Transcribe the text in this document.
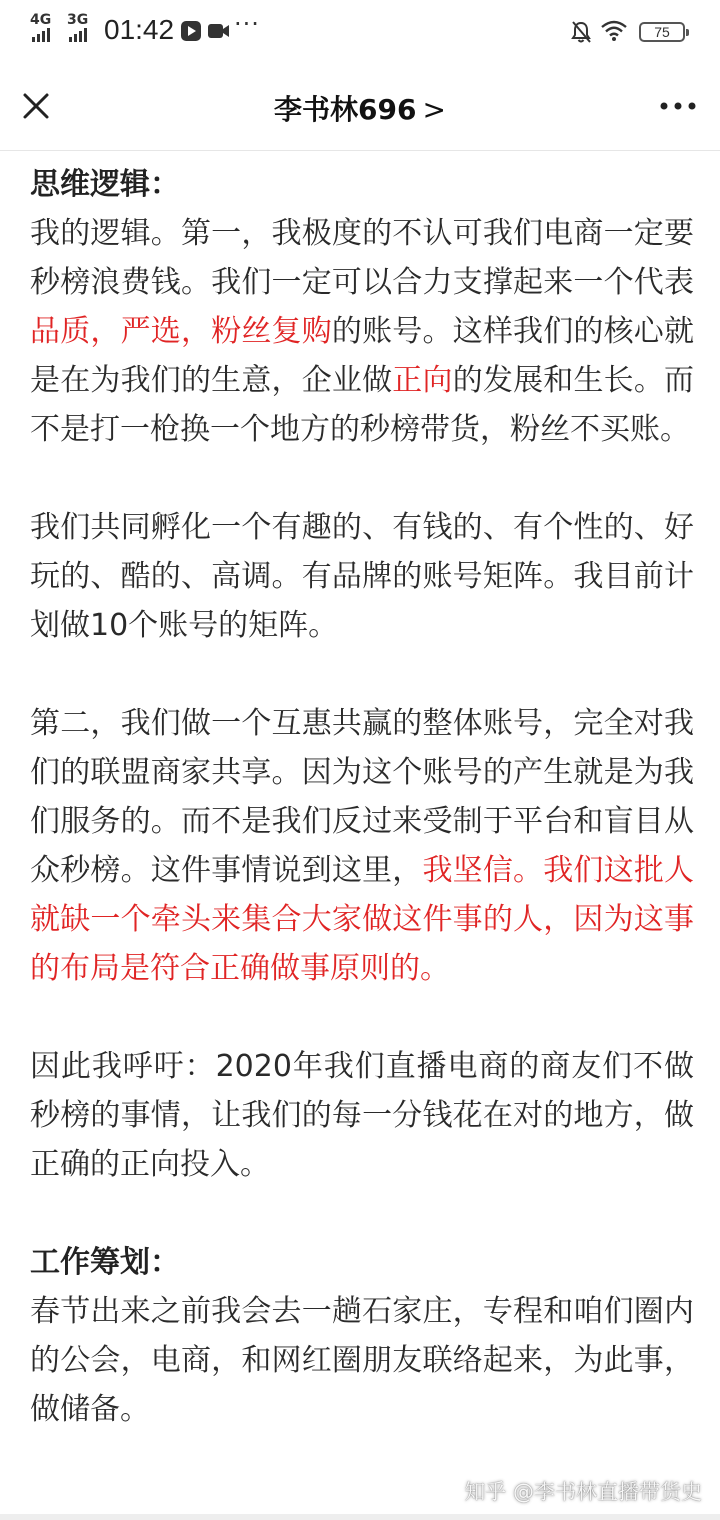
4G 3G 01:42 ···	75
李书林696 >

思维逻辑：

我的逻辑。第一，我极度的不认可我们电商一定要秒榜浪费钱。我们一定可以合力支撑起来一个代表品质，严选，粉丝复购的账号。这样我们的核心就是在为我们的生意，企业做正向的发展和生长。而不是打一枪换一个地方的秒榜带货，粉丝不买账。

我们共同孵化一个有趣的、有钱的、有个性的、好玩的、酷的、高调。有品牌的账号矩阵。我目前计划做10个账号的矩阵。

第二，我们做一个互惠共赢的整体账号，完全对我们的联盟商家共享。因为这个账号的产生就是为我们服务的。而不是我们反过来受制于平台和盲目从众秒榜。这件事情说到这里，我坚信。我们这批人就缺一个牵头来集合大家做这件事的人，因为这事的布局是符合正确做事原则的。

因此我呼吁：2020年我们直播电商的商友们不做秒榜的事情，让我们的每一分钱花在对的地方，做正确的正向投入。

工作筹划：

春节出来之前我会去一趟石家庄，专程和咱们圈内的公会，电商，和网红圈朋友联络起来，为此事，做储备。

知乎 @李书林直播带货史
